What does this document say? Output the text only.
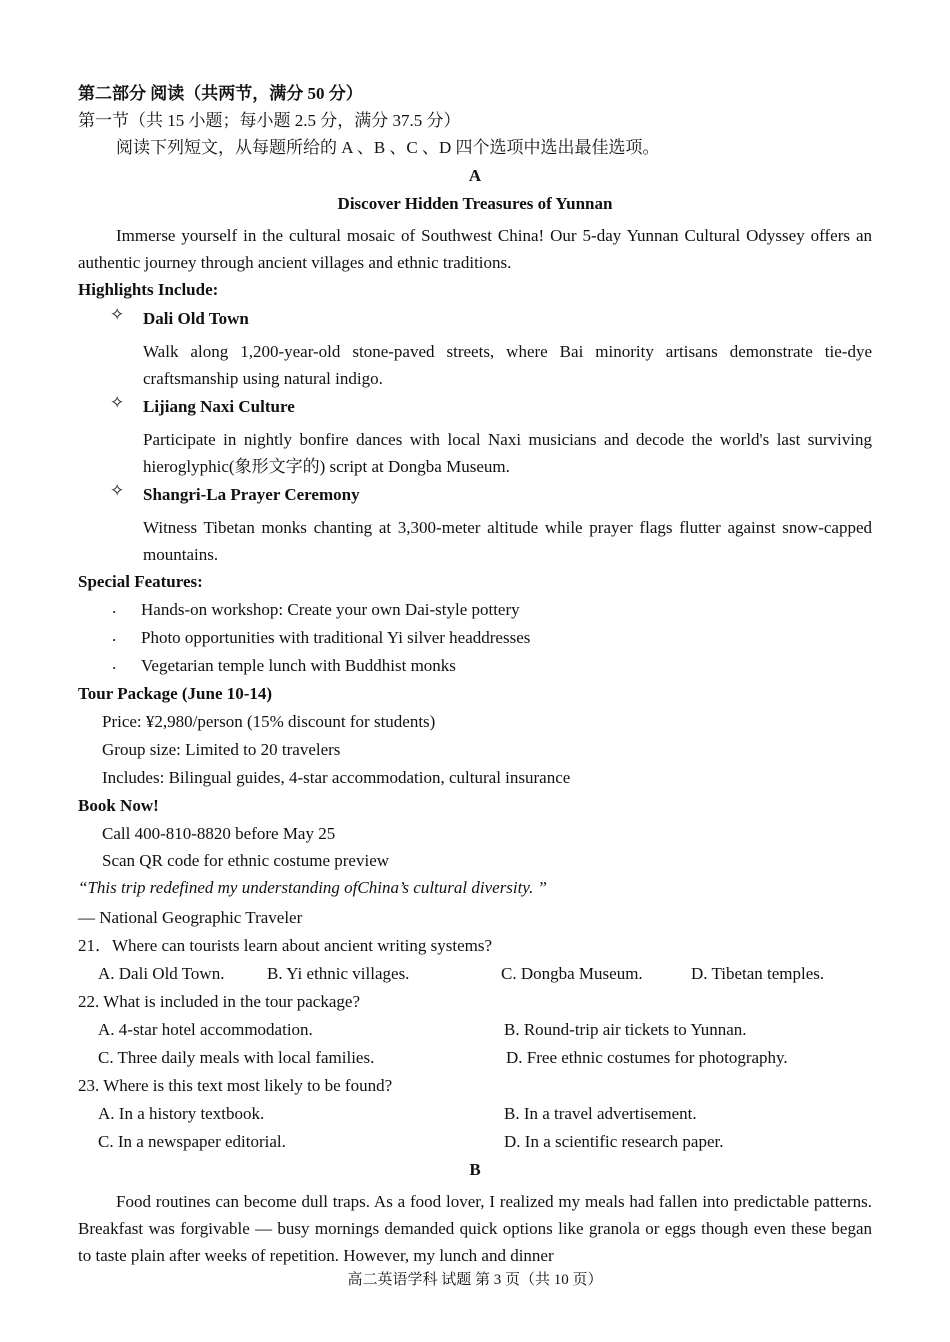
第二部分 阅读（共两节，满分 50 分）
第一节（共 15 小题；每小题 2.5 分，满分 37.5 分）
阅读下列短文，从每题所给的 A 、B 、C 、D 四个选项中选出最佳选项。
A
Discover Hidden Treasures of Yunnan
Immerse yourself in the cultural mosaic of Southwest China! Our 5-day Yunnan Cultural Odyssey offers an authentic journey through ancient villages and ethnic traditions.
Highlights Include:
✧ Dali Old Town
Walk along 1,200-year-old stone-paved streets, where Bai minority artisans demonstrate tie-dye craftsmanship using natural indigo.
✧ Lijiang Naxi Culture
Participate in nightly bonfire dances with local Naxi musicians and decode the world's last surviving hieroglyphic(象形文字的) script at Dongba Museum.
✧ Shangri-La Prayer Ceremony
Witness Tibetan monks chanting at 3,300-meter altitude while prayer flags flutter against snow-capped mountains.
Special Features:
. Hands-on workshop: Create your own Dai-style pottery
. Photo opportunities with traditional Yi silver headdresses
. Vegetarian temple lunch with Buddhist monks
Tour Package (June 10-14)
Price: ¥2,980/person (15% discount for students)
Group size: Limited to 20 travelers
Includes: Bilingual guides, 4-star accommodation, cultural insurance
Book Now!
Call 400-810-8820 before May 25
Scan QR code for ethnic costume preview
“This trip redefined my understanding ofChina’s cultural diversity. ”
— National Geographic Traveler
21．Where can tourists learn about ancient writing systems?
A. Dali Old Town.	B. Yi ethnic villages.	C. Dongba Museum.	D. Tibetan temples.
22. What is included in the tour package?
A. 4-star hotel accommodation.	B. Round-trip air tickets to Yunnan.
C. Three daily meals with local families.	D. Free ethnic costumes for photography.
23. Where is this text most likely to be found?
A. In a history textbook.	B. In a travel advertisement.
C. In a newspaper editorial.	D. In a scientific research paper.
B
Food routines can become dull traps. As a food lover, I realized my meals had fallen into predictable patterns. Breakfast was forgivable — busy mornings demanded quick options like granola or eggs though even these began to taste plain after weeks of repetition. However, my lunch and dinner
高二英语学科 试题 第 3 页（共 10 页）
